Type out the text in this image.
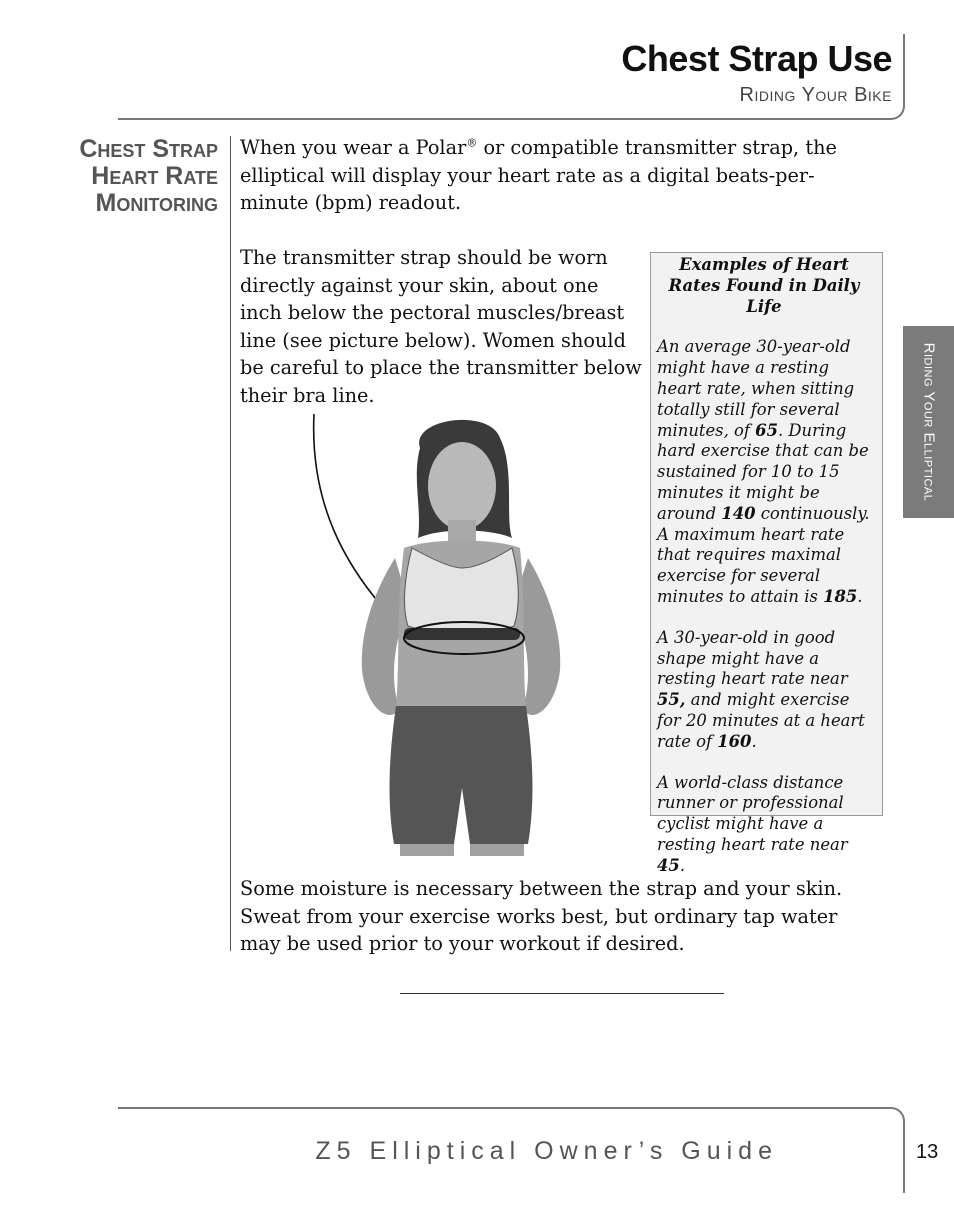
Chest Strap Use
Riding Your Bike
Chest Strap
Heart Rate
Monitoring
When you wear a Polar® or compatible transmitter strap, the elliptical will display your heart rate as a digital beats-per-minute (bpm) readout.
The transmitter strap should be worn directly against your skin, about one inch below the pectoral muscles/breast line (see picture below). Women should be careful to place the transmitter below their bra line.
Examples of Heart Rates Found in Daily Life

An average 30-year-old might have a resting heart rate, when sitting totally still for several minutes, of 65. During hard exercise that can be sustained for 10 to 15 minutes it might be around 140 continuously. A maximum heart rate that requires maximal exercise for several minutes to attain is 185.

A 30-year-old in good shape might have a resting heart rate near 55, and might exercise for 20 minutes at a heart rate of 160.

A world-class distance runner or professional cyclist might have a resting heart rate near 45.

Some moisture is necessary between the strap and your skin. Sweat from your exercise works best, but ordinary tap water may be used prior to your workout if desired.
Riding Your Elliptical
Z5 Elliptical Owner’s Guide	13
